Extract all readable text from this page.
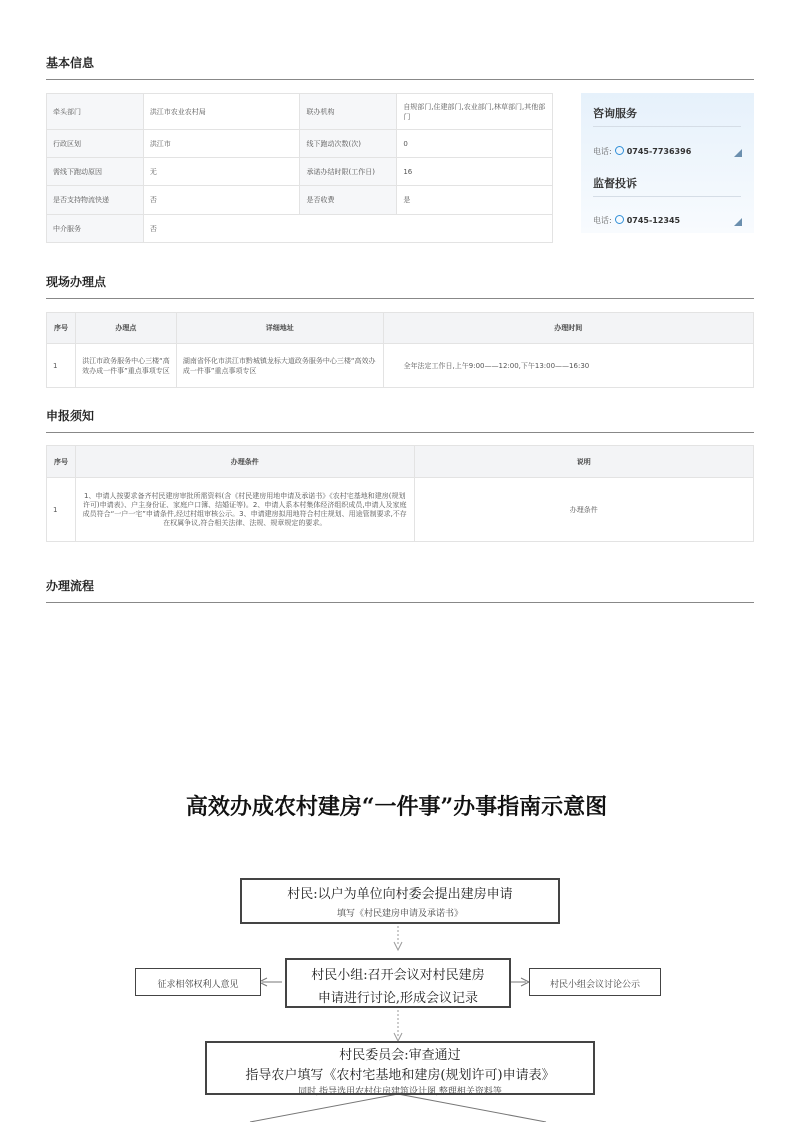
基本信息
牵头部门	洪江市农业农村局	联办机构	自规部门,住建部门,农业部门,林草部门,其他部门
行政区划	洪江市	线下跑动次数(次)	0
需线下跑动原因	无	承诺办结时限(工作日)	16
是否支持物流快递	否	是否收费	是
中介服务	否		
咨询服务
电话: 0745-7736396
监督投诉
电话: 0745-12345
现场办理点
序号	办理点	详细地址	办理时间
1	洪江市政务服务中心三楼“高效办成一件事”重点事项专区	湖南省怀化市洪江市黔城镇龙标大道政务服务中心三楼“高效办成一件事”重点事项专区	全年法定工作日,上午9:00——12:00,下午13:00——16:30
申报须知
序号	办理条件	说明
1	1、申请人按要求备齐村民建房审批所需资料(含《村民建房用地申请及承诺书》《农村宅基地和建房(规划许可)申请表》、户主身份证、家庭户口簿、结婚证等)。2、申请人系本村集体经济组织成员,申请人及家庭成员符合“一户一宅”申请条件,经过村组审核公示。3、申请建房拟用地符合村庄规划、用途管制要求,不存在权属争议,符合相关法律、法规、规章规定的要求。	办理条件
办理流程
高效办成农村建房“一件事”办事指南示意图
村民:以户为单位向村委会提出建房申请
填写《村民建房申请及承诺书》
征求相邻权利人意见
村民小组:召开会议对村民建房
申请进行讨论,形成会议记录
村民小组会议讨论公示
村民委员会:审查通过
指导农户填写《农村宅基地和建房(规划许可)申请表》
同时,指导选用农村住房建筑设计图,整理相关资料等
